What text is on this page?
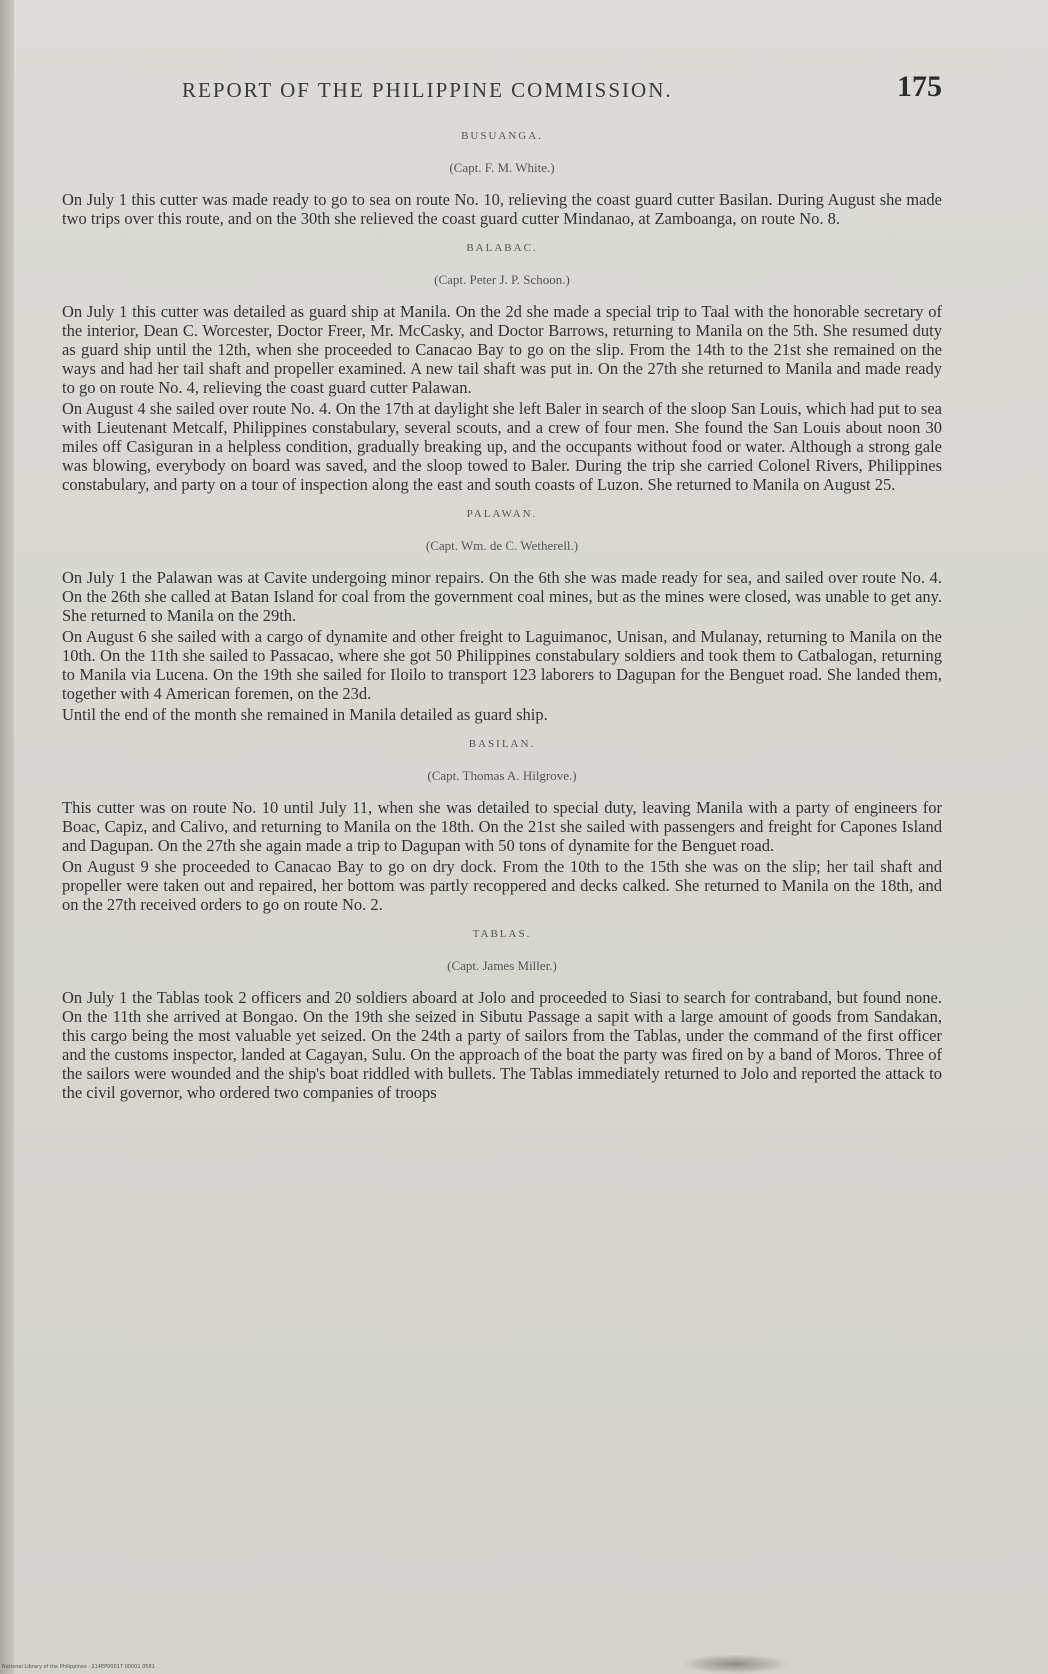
REPORT OF THE PHILIPPINE COMMISSION.	175
BUSUANGA.
(Capt. F. M. White.)

On July 1 this cutter was made ready to go to sea on route No. 10, relieving the coast guard cutter Basilan. During August she made two trips over this route, and on the 30th she relieved the coast guard cutter Mindanao, at Zamboanga, on route No. 8.

BALABAC.
(Capt. Peter J. P. Schoon.)

On July 1 this cutter was detailed as guard ship at Manila. On the 2d she made a special trip to Taal with the honorable secretary of the interior, Dean C. Worcester, Doctor Freer, Mr. McCasky, and Doctor Barrows, returning to Manila on the 5th. She resumed duty as guard ship until the 12th, when she proceeded to Canacao Bay to go on the slip. From the 14th to the 21st she remained on the ways and had her tail shaft and propeller examined. A new tail shaft was put in. On the 27th she returned to Manila and made ready to go on route No. 4, relieving the coast guard cutter Palawan.

On August 4 she sailed over route No. 4. On the 17th at daylight she left Baler in search of the sloop San Louis, which had put to sea with Lieutenant Metcalf, Philippines constabulary, several scouts, and a crew of four men. She found the San Louis about noon 30 miles off Casiguran in a helpless condition, gradually breaking up, and the occupants without food or water. Although a strong gale was blowing, everybody on board was saved, and the sloop towed to Baler. During the trip she carried Colonel Rivers, Philippines constabulary, and party on a tour of inspection along the east and south coasts of Luzon. She returned to Manila on August 25.

PALAWAN.
(Capt. Wm. de C. Wetherell.)

On July 1 the Palawan was at Cavite undergoing minor repairs. On the 6th she was made ready for sea, and sailed over route No. 4. On the 26th she called at Batan Island for coal from the government coal mines, but as the mines were closed, was unable to get any. She returned to Manila on the 29th.

On August 6 she sailed with a cargo of dynamite and other freight to Laguimanoc, Unisan, and Mulanay, returning to Manila on the 10th. On the 11th she sailed to Passacao, where she got 50 Philippines constabulary soldiers and took them to Catbalogan, returning to Manila via Lucena. On the 19th she sailed for Iloilo to transport 123 laborers to Dagupan for the Benguet road. She landed them, together with 4 American foremen, on the 23d.

Until the end of the month she remained in Manila detailed as guard ship.

BASILAN.
(Capt. Thomas A. Hilgrove.)

This cutter was on route No. 10 until July 11, when she was detailed to special duty, leaving Manila with a party of engineers for Boac, Capiz, and Calivo, and returning to Manila on the 18th. On the 21st she sailed with passengers and freight for Capones Island and Dagupan. On the 27th she again made a trip to Dagupan with 50 tons of dynamite for the Benguet road.

On August 9 she proceeded to Canacao Bay to go on dry dock. From the 10th to the 15th she was on the slip; her tail shaft and propeller were taken out and repaired, her bottom was partly recoppered and decks calked. She returned to Manila on the 18th, and on the 27th received orders to go on route No. 2.

TABLAS.
(Capt. James Miller.)

On July 1 the Tablas took 2 officers and 20 soldiers aboard at Jolo and proceeded to Siasi to search for contraband, but found none. On the 11th she arrived at Bongao. On the 19th she seized in Sibutu Passage a sapit with a large amount of goods from Sandakan, this cargo being the most valuable yet seized. On the 24th a party of sailors from the Tablas, under the command of the first officer and the customs inspector, landed at Cagayan, Sulu. On the approach of the boat the party was fired on by a band of Moros. Three of the sailors were wounded and the ship's boat riddled with bullets. The Tablas immediately returned to Jolo and reported the attack to the civil governor, who ordered two companies of troops

National Library of the Philippines · 214EP00017 00001 0581
